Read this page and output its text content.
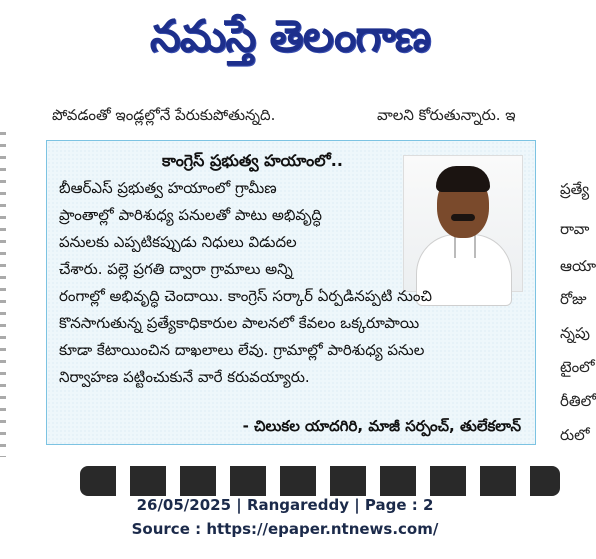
నమస్తే తెలంగాణ
పోవడంతో ఇండ్లల్లోనే పేరుకుపోతున్నది.	వాలని కోరుతున్నారు. ఇ
కాంగ్రెస్ ప్రభుత్వ హయాంలో..
బీఆర్ఎస్ ప్రభుత్వ హయాంలో గ్రామీణ
ప్రాంతాల్లో పారిశుధ్య పనులతో పాటు అభివృద్ధి
పనులకు ఎప్పటికప్పుడు నిధులు విడుదల
చేశారు. పల్లె ప్రగతి ద్వారా గ్రామాలు అన్ని
రంగాల్లో అభివృద్ధి చెందాయి. కాంగ్రెస్ సర్కార్ ఏర్పడినప్పటి నుంచి
కొనసాగుతున్న ప్రత్యేకాధికారుల పాలనలో కేవలం ఒక్కరూపాయి
కూడా కేటాయించిన దాఖలాలు లేవు. గ్రామాల్లో పారిశుధ్య పనుల
నిర్వాహణ పట్టించుకునే వారే కరువయ్యారు.
- చిలుకల యాదగిరి, మాజీ సర్పంచ్, తులేకలాన్
ప్రత్యే
రావా
ఆయా
రోజు
న్నపు
టైంలో
రీతిలో
రులో
26/05/2025 | Rangareddy | Page : 2
Source : https://epaper.ntnews.com/
